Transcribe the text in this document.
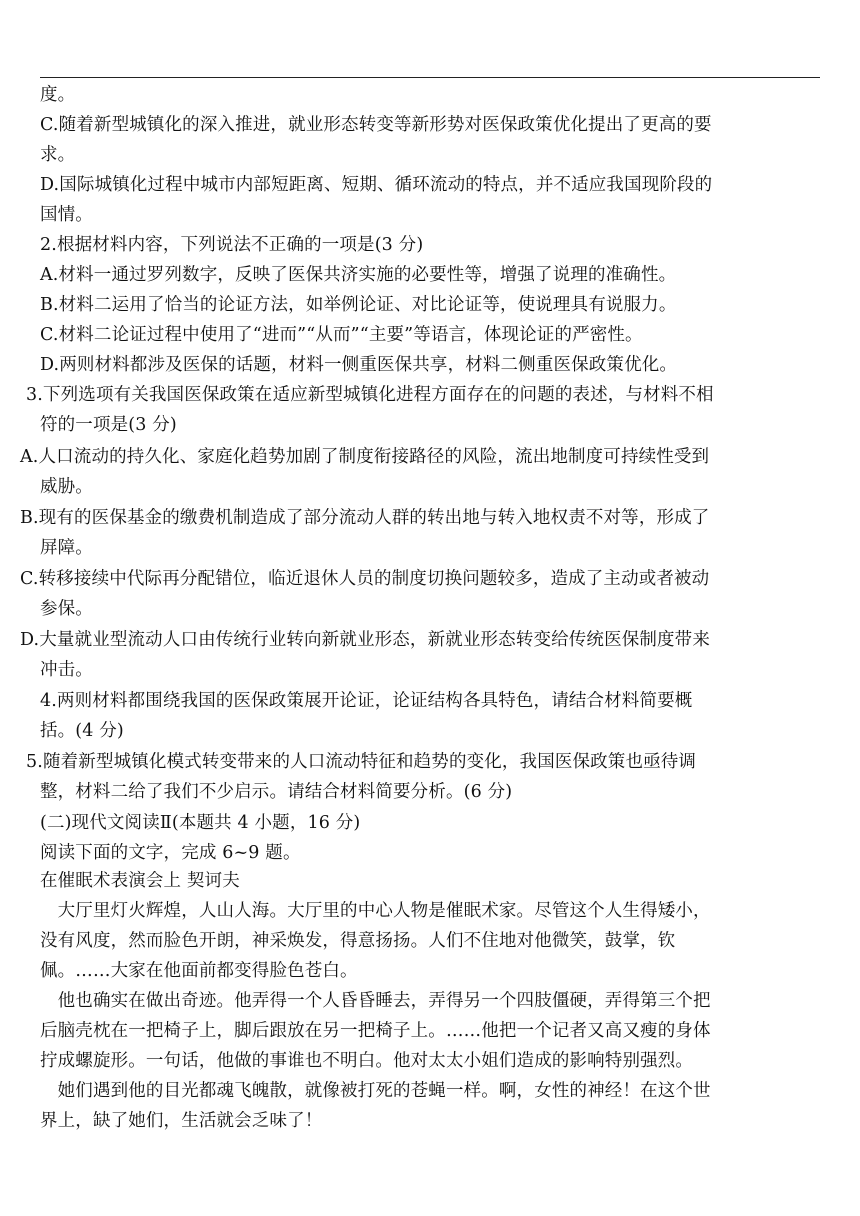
度。
C.随着新型城镇化的深入推进，就业形态转变等新形势对医保政策优化提出了更高的要
求。
D.国际城镇化过程中城市内部短距离、短期、循环流动的特点，并不适应我国现阶段的
国情。
2.根据材料内容，下列说法不正确的一项是(3 分)
A.材料一通过罗列数字，反映了医保共济实施的必要性等，增强了说理的准确性。
B.材料二运用了恰当的论证方法，如举例论证、对比论证等，使说理具有说服力。
C.材料二论证过程中使用了“进而”“从而”“主要”等语言，体现论证的严密性。
D.两则材料都涉及医保的话题，材料一侧重医保共享，材料二侧重医保政策优化。
3.下列选项有关我国医保政策在适应新型城镇化进程方面存在的问题的表述，与材料不相
符的一项是(3 分)
A.人口流动的持久化、家庭化趋势加剧了制度衔接路径的风险，流出地制度可持续性受到
威胁。
B.现有的医保基金的缴费机制造成了部分流动人群的转出地与转入地权责不对等，形成了
屏障。
C.转移接续中代际再分配错位，临近退休人员的制度切换问题较多，造成了主动或者被动
参保。
D.大量就业型流动人口由传统行业转向新就业形态，新就业形态转变给传统医保制度带来
冲击。
4.两则材料都围绕我国的医保政策展开论证，论证结构各具特色，请结合材料简要概
括。(4 分)
5.随着新型城镇化模式转变带来的人口流动特征和趋势的变化，我国医保政策也亟待调
整，材料二给了我们不少启示。请结合材料简要分析。(6 分)
(二)现代文阅读Ⅱ(本题共 4 小题，16 分)
阅读下面的文字，完成 6~9 题。
在催眠术表演会上 契诃夫
　大厅里灯火辉煌，人山人海。大厅里的中心人物是催眠术家。尽管这个人生得矮小，
没有风度，然而脸色开朗，神采焕发，得意扬扬。人们不住地对他微笑，鼓掌，钦
佩。……大家在他面前都变得脸色苍白。
　他也确实在做出奇迹。他弄得一个人昏昏睡去，弄得另一个四肢僵硬，弄得第三个把
后脑壳枕在一把椅子上，脚后跟放在另一把椅子上。……他把一个记者又高又瘦的身体
拧成螺旋形。一句话，他做的事谁也不明白。他对太太小姐们造成的影响特别强烈。
　她们遇到他的目光都魂飞魄散，就像被打死的苍蝇一样。啊，女性的神经！在这个世
界上，缺了她们，生活就会乏味了！
